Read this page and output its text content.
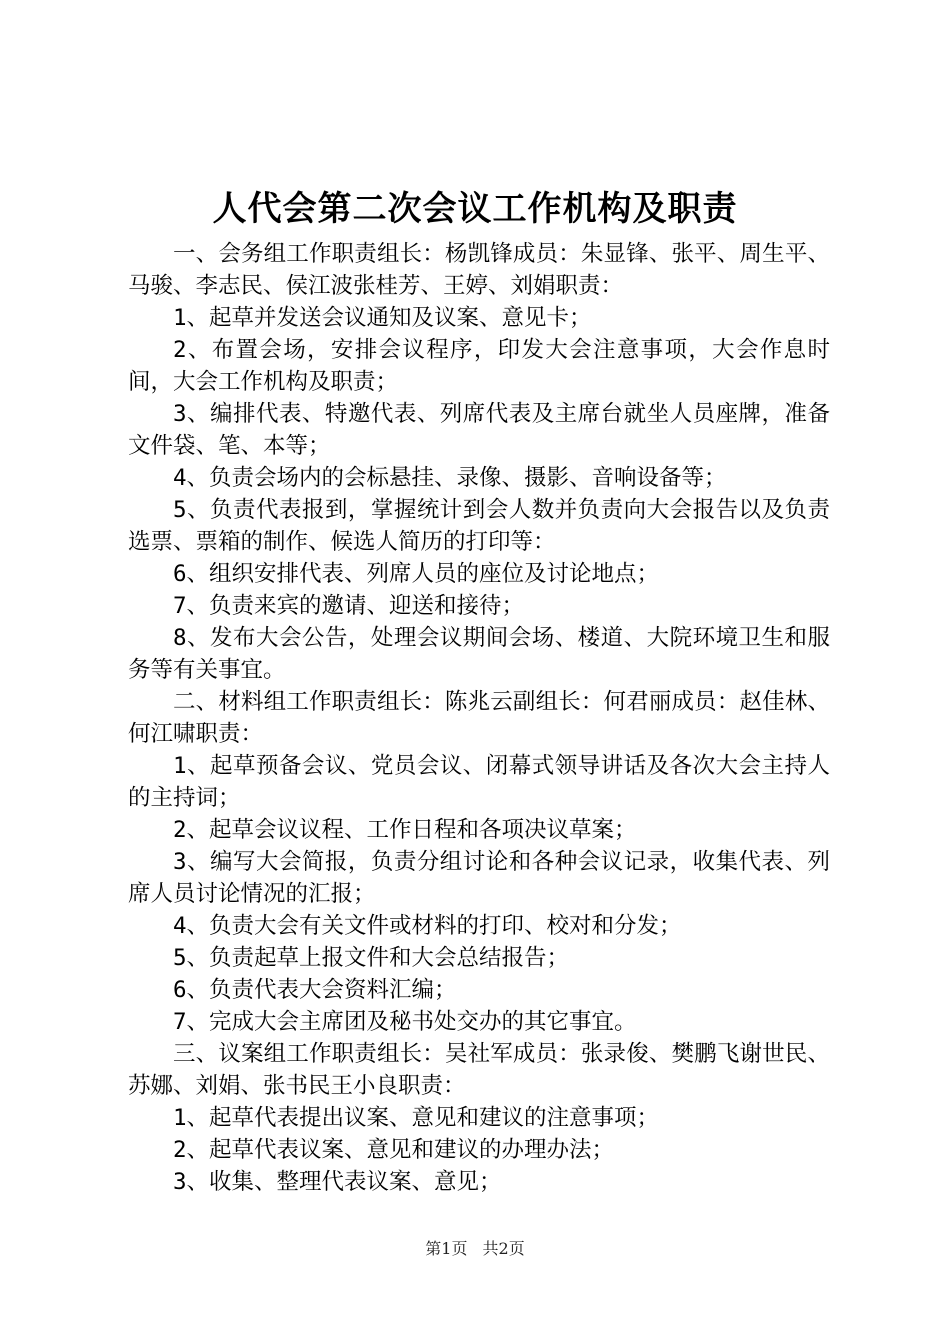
人代会第二次会议工作机构及职责

一、会务组工作职责组长：杨凯锋成员：朱显锋、张平、周生平、马骏、李志民、侯江波张桂芳、王婷、刘娟职责：

1、起草并发送会议通知及议案、意见卡；

2、布置会场，安排会议程序，印发大会注意事项，大会作息时间，大会工作机构及职责；

3、编排代表、特邀代表、列席代表及主席台就坐人员座牌，准备文件袋、笔、本等；

4、负责会场内的会标悬挂、录像、摄影、音响设备等；

5、负责代表报到，掌握统计到会人数并负责向大会报告以及负责选票、票箱的制作、候选人简历的打印等：

6、组织安排代表、列席人员的座位及讨论地点；

7、负责来宾的邀请、迎送和接待；

8、发布大会公告，处理会议期间会场、楼道、大院环境卫生和服务等有关事宜。

二、材料组工作职责组长：陈兆云副组长：何君丽成员：赵佳林、何江啸职责：

1、起草预备会议、党员会议、闭幕式领导讲话及各次大会主持人的主持词；

2、起草会议议程、工作日程和各项决议草案；

3、编写大会简报，负责分组讨论和各种会议记录，收集代表、列席人员讨论情况的汇报；

4、负责大会有关文件或材料的打印、校对和分发；

5、负责起草上报文件和大会总结报告；

6、负责代表大会资料汇编；

7、完成大会主席团及秘书处交办的其它事宜。

三、议案组工作职责组长：吴社军成员：张录俊、樊鹏飞谢世民、苏娜、刘娟、张书民王小良职责：

1、起草代表提出议案、意见和建议的注意事项；

2、起草代表议案、意见和建议的办理办法；

3、收集、整理代表议案、意见；

第1页 共2页
